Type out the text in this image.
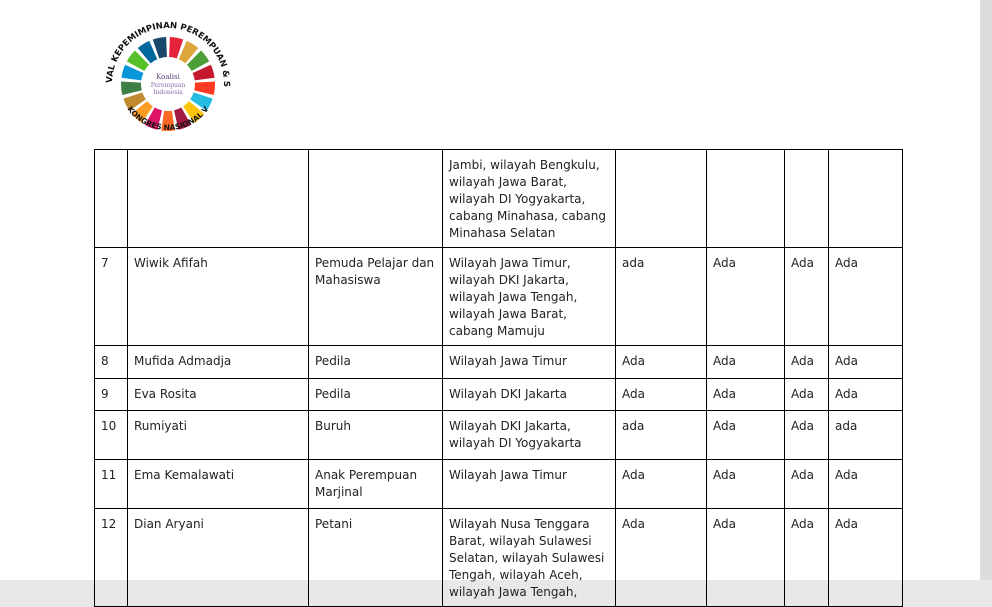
Koalisi
Perempuan
Indonesia
VAL KEPEMIMPINAN PEREMPUAN & S
KONGRES NASIONAL V
			Jambi, wilayah Bengkulu, wilayah Jawa Barat, wilayah DI Yogyakarta, cabang Minahasa, cabang Minahasa Selatan				
7	Wiwik Afifah	Pemuda Pelajar dan Mahasiswa	Wilayah Jawa Timur, wilayah DKI Jakarta, wilayah Jawa Tengah, wilayah Jawa Barat, cabang Mamuju	ada	Ada	Ada	Ada
8	Mufida Admadja	Pedila	Wilayah Jawa Timur	Ada	Ada	Ada	Ada
9	Eva Rosita	Pedila	Wilayah DKI Jakarta	Ada	Ada	Ada	Ada
10	Rumiyati	Buruh	Wilayah DKI Jakarta, wilayah DI Yogyakarta	ada	Ada	Ada	ada
11	Ema Kemalawati	Anak Perempuan Marjinal	Wilayah Jawa Timur	Ada	Ada	Ada	Ada
12	Dian Aryani	Petani	Wilayah Nusa Tenggara Barat, wilayah Sulawesi Selatan, wilayah Sulawesi Tengah, wilayah Aceh, wilayah Jawa Tengah,	Ada	Ada	Ada	Ada
